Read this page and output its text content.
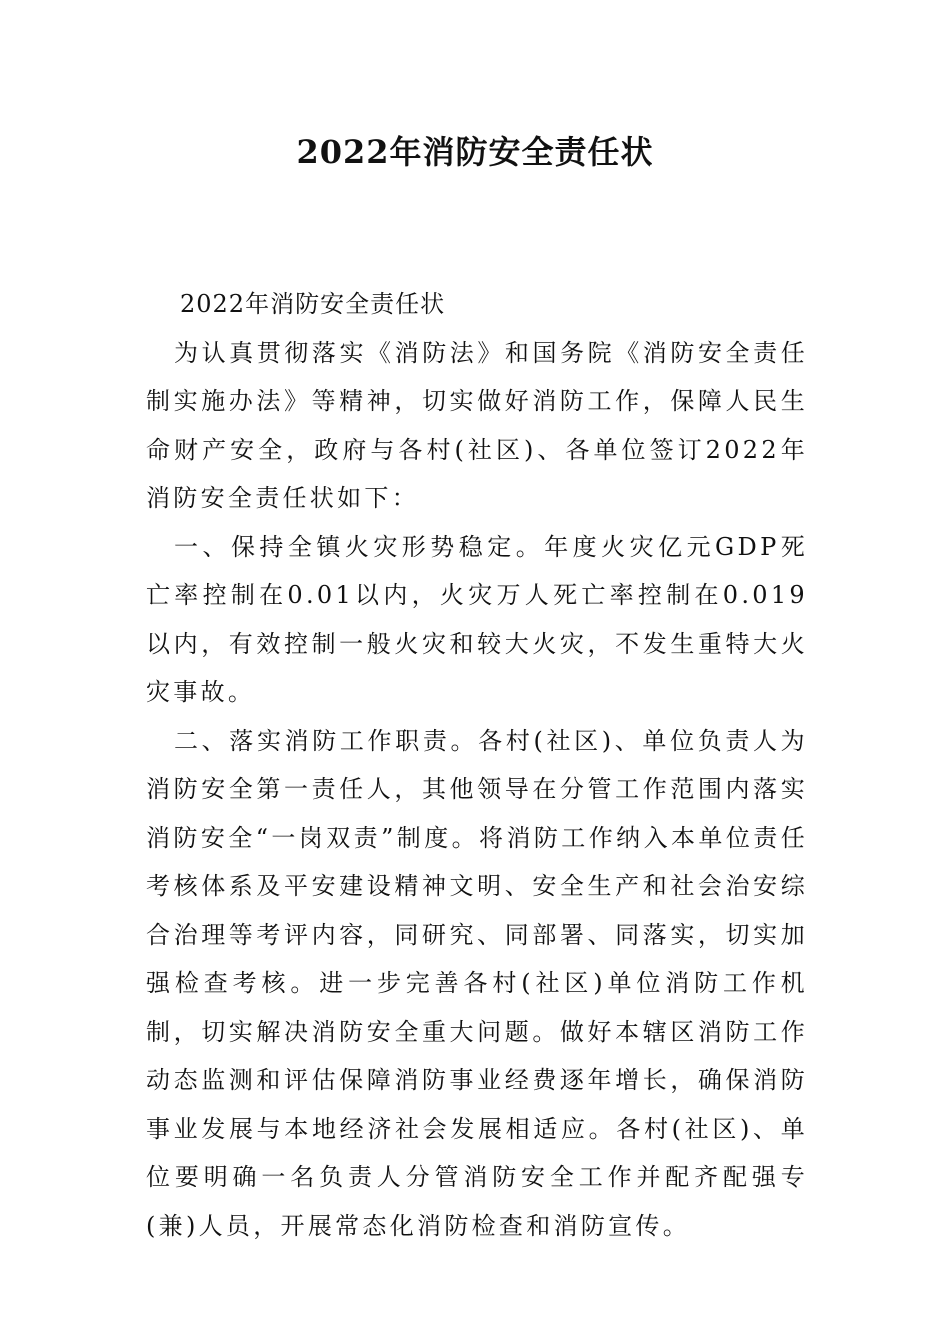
2022年消防安全责任状

2022年消防安全责任状

为认真贯彻落实《消防法》和国务院《消防安全责任制实施办法》等精神，切实做好消防工作，保障人民生命财产安全，政府与各村(社区)、各单位签订2022年消防安全责任状如下：

一、保持全镇火灾形势稳定。年度火灾亿元GDP死亡率控制在0.01以内，火灾万人死亡率控制在0.019以内，有效控制一般火灾和较大火灾，不发生重特大火灾事故。

二、落实消防工作职责。各村(社区)、单位负责人为消防安全第一责任人，其他领导在分管工作范围内落实消防安全“一岗双责”制度。将消防工作纳入本单位责任考核体系及平安建设精神文明、安全生产和社会治安综合治理等考评内容，同研究、同部署、同落实，切实加强检查考核。进一步完善各村(社区)单位消防工作机制，切实解决消防安全重大问题。做好本辖区消防工作动态监测和评估保障消防事业经费逐年增长，确保消防事业发展与本地经济社会发展相适应。各村(社区)、单位要明确一名负责人分管消防安全工作并配齐配强专(兼)人员，开展常态化消防检查和消防宣传。
